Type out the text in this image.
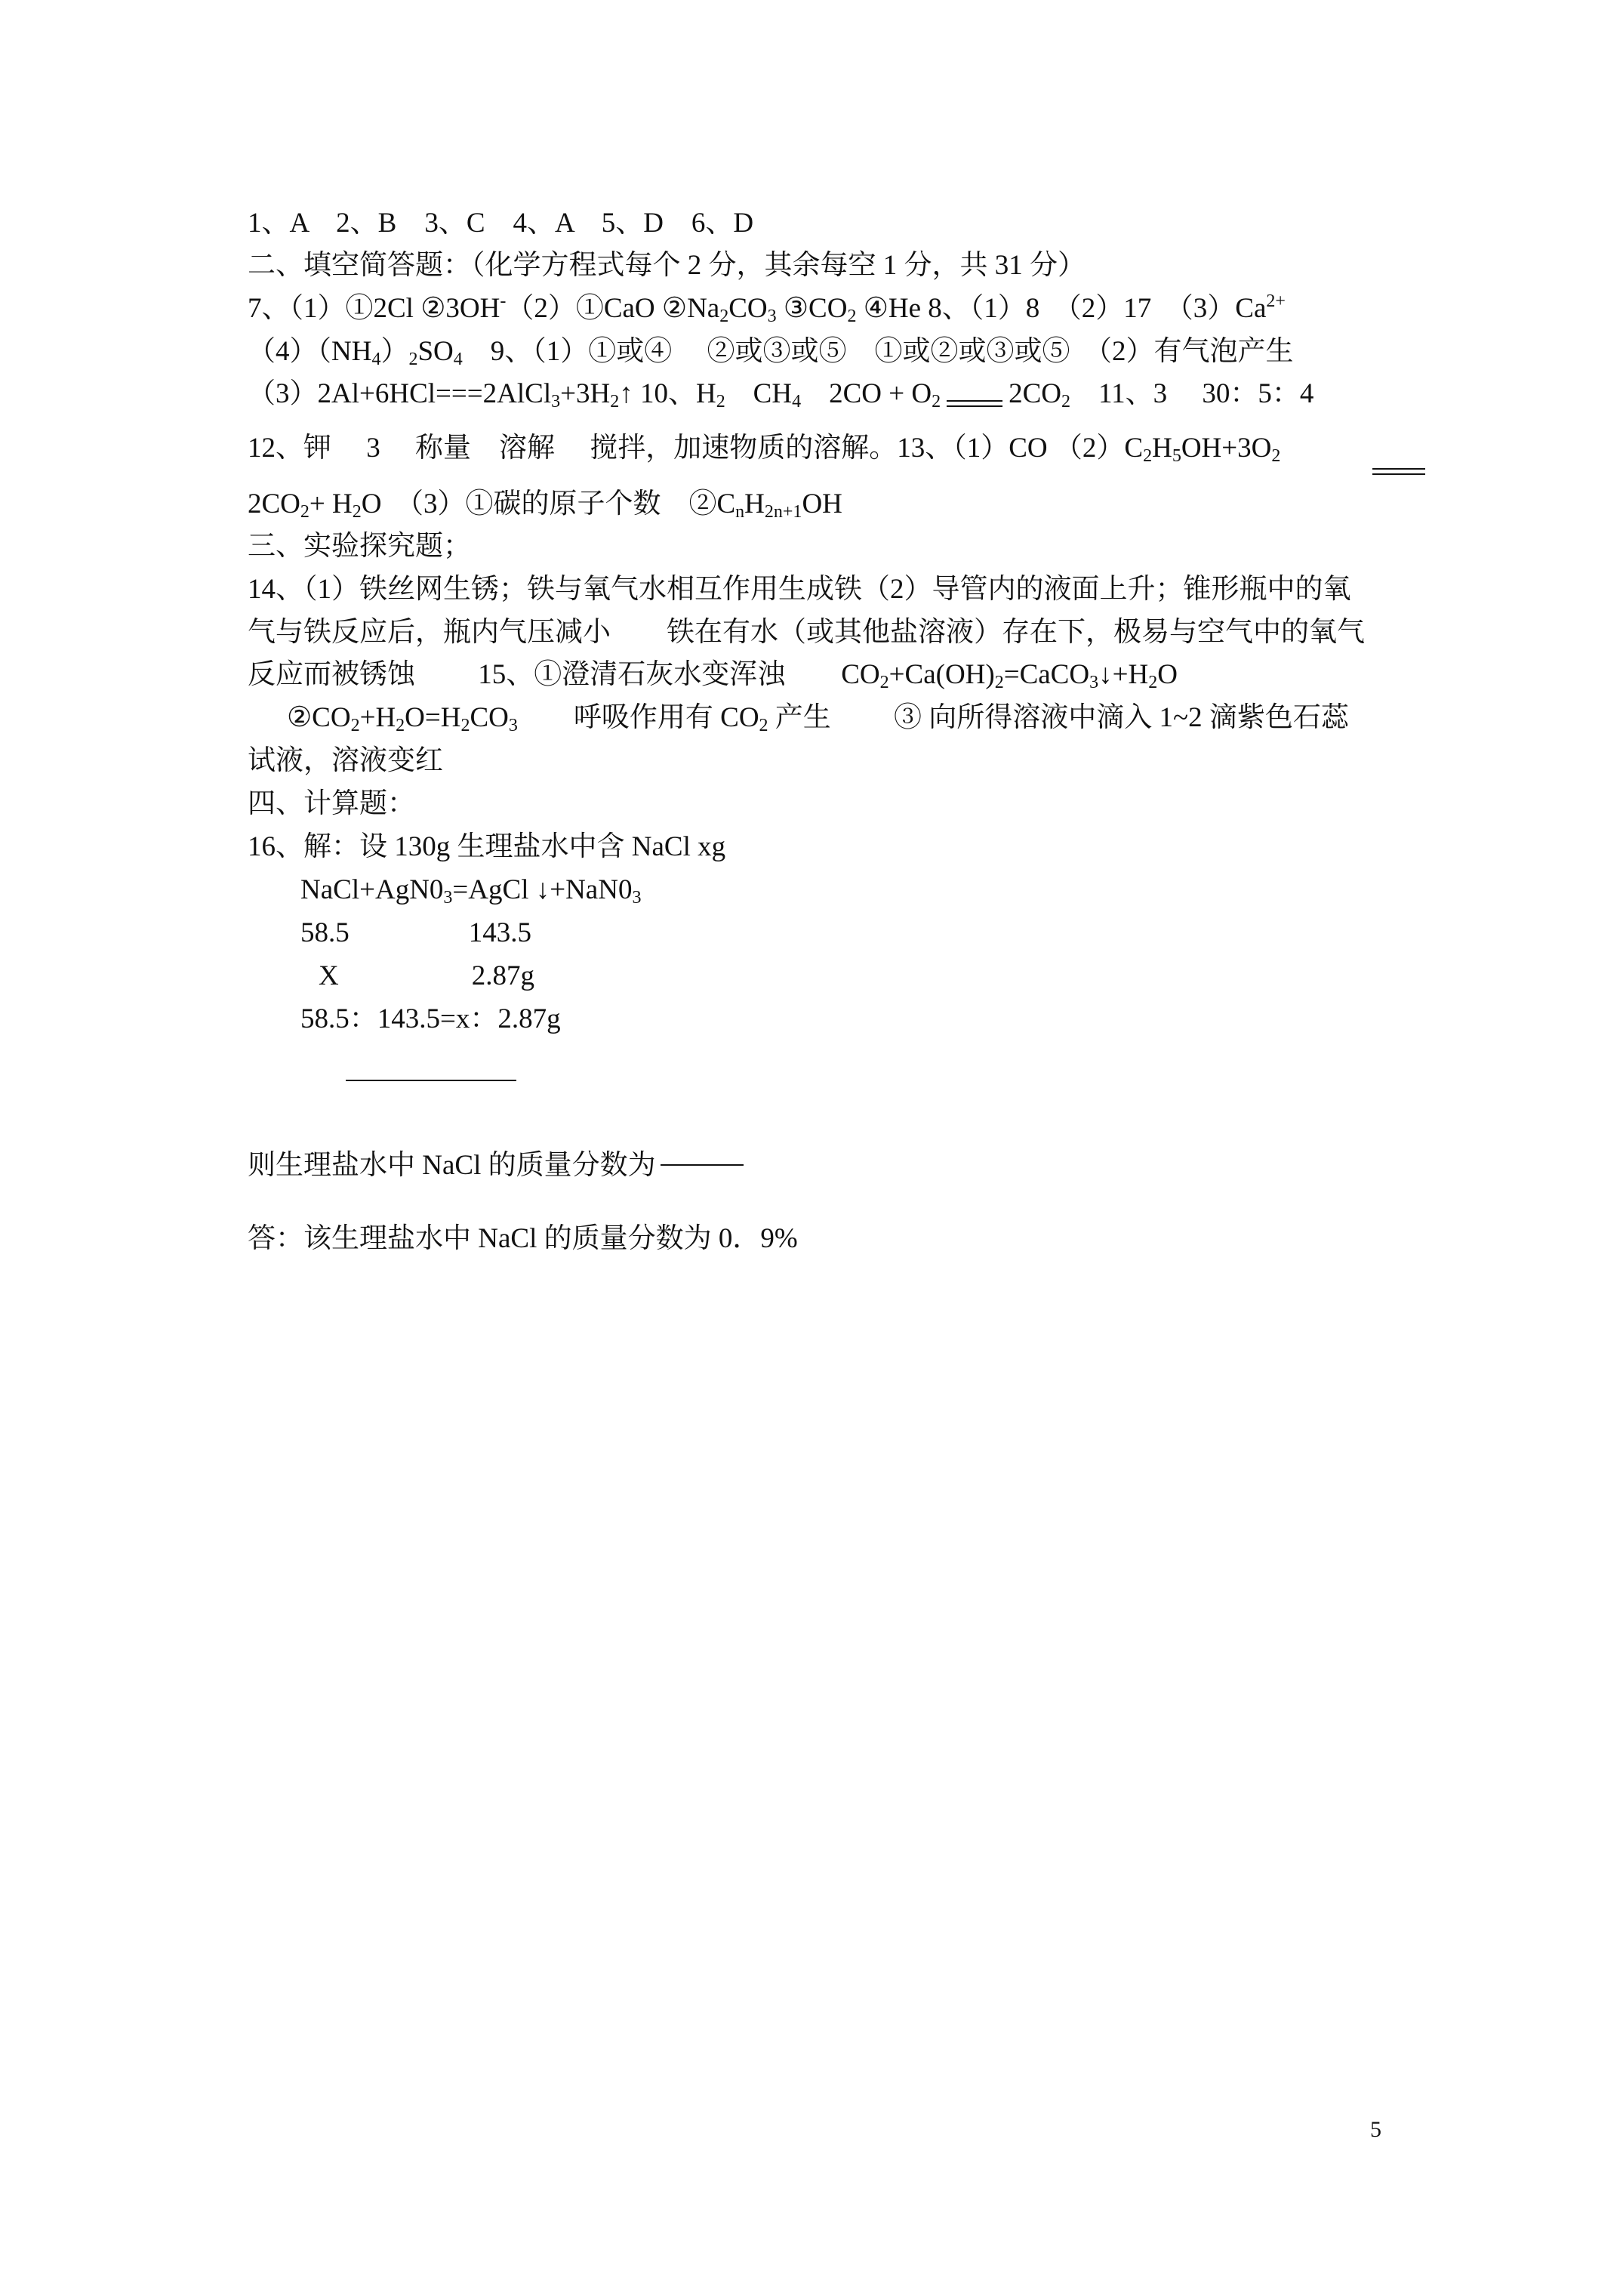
1、A　2、B　3、C　4、A　5、D　6、D
二、填空简答题：（化学方程式每个 2 分，其余每空 1 分，共 31 分）
7、（1）①2Cl ②3OH-（2）①CaO $②Na_2CO_3$ $③CO_2$ ④He 8、（1）8　（2）17　$(3)Ca^{2+}$
$(4)(NH_4)_2SO_4$　9、（1）①或④　 ②或③或⑤　①或②或③或⑤　（2）有气泡产生
$(3)2Al+6HCl===2AlCl_3+3H_2↑$ 10、$H_2$　$CH_4$　$2CO + O_2$ $2CO_2$　11、3　 30：5：4
12、钾　 3　 称量　溶解　 搅拌，加速物质的溶解。13、（1）CO $(2)C_2H_5OH+3O_2$
$2CO_2+ H_2O$　（3）①碳的原子个数　$②C_nH_{2n+1}OH$
三、实验探究题；
14、（1）铁丝网生锈；铁与氧气水相互作用生成铁（2）导管内的液面上升；锥形瓶中的氧
气与铁反应后，瓶内气压减小　　铁在有水（或其他盐溶液）存在下，极易与空气中的氧气
反应而被锈蚀　　 15、①澄清石灰水变浑浊　　$CO_2+Ca(OH)_2=CaCO_3↓+H_2O$
$②CO_2+H_2O=H_2CO_3$　　呼吸作用有 $CO_2$ 产生　　 ③ 向所得溶液中滴入 1~2 滴紫色石蕊
试液，溶液变红
四、计算题：
16、解：设 130g 生理盐水中含 NaCl xg
$NaCl+AgN0_3=AgCl$ $↓+NaN0_3$
58.5	143.5
X	2.87g
58.5：143.5=x：2.87g
则生理盐水中 NaCl 的质量分数为
答：该生理盐水中 NaCl 的质量分数为 0．9%
5
